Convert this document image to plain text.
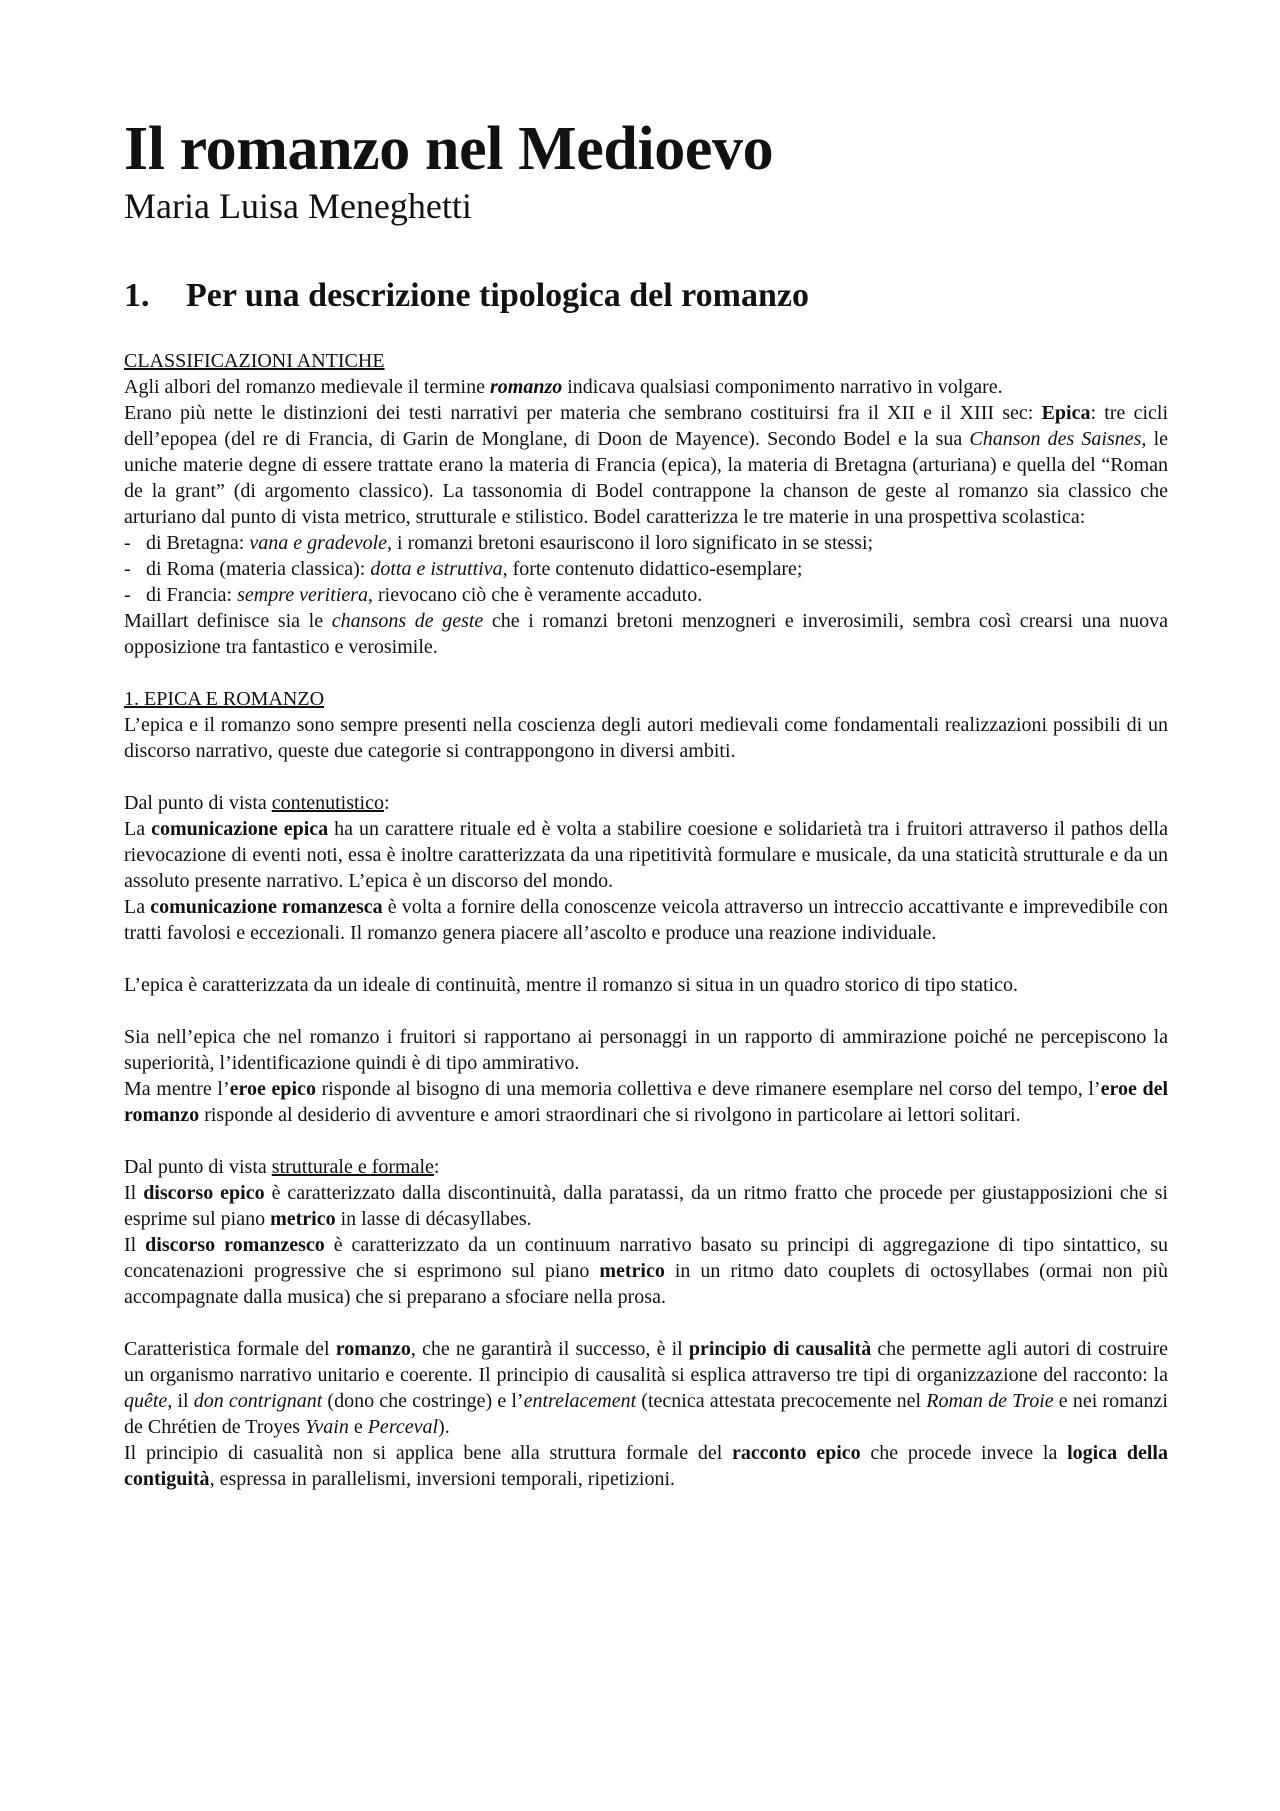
Il romanzo nel Medioevo
Maria Luisa Meneghetti
1.	Per una descrizione tipologica del romanzo

CLASSIFICAZIONI ANTICHE

Agli albori del romanzo medievale il termine romanzo indicava qualsiasi componimento narrativo in volgare.

Erano più nette le distinzioni dei testi narrativi per materia che sembrano costituirsi fra il XII e il XIII sec: Epica: tre cicli dell’epopea (del re di Francia, di Garin de Monglane, di Doon de Mayence). Secondo Bodel e la sua Chanson des Saisnes, le uniche materie degne di essere trattate erano la materia di Francia (epica), la materia di Bretagna (arturiana) e quella del “Roman de la grant” (di argomento classico). La tassonomia di Bodel contrappone la chanson de geste al romanzo sia classico che arturiano dal punto di vista metrico, strutturale e stilistico. Bodel caratterizza le tre materie in una prospettiva scolastica:

- di Bretagna: vana e gradevole, i romanzi bretoni esauriscono il loro significato in se stessi;
- di Roma (materia classica): dotta e istruttiva, forte contenuto didattico-esemplare;
- di Francia: sempre veritiera, rievocano ciò che è veramente accaduto.

Maillart definisce sia le chansons de geste che i romanzi bretoni menzogneri e inverosimili, sembra così crearsi una nuova opposizione tra fantastico e verosimile.

1. EPICA E ROMANZO

L’epica e il romanzo sono sempre presenti nella coscienza degli autori medievali come fondamentali realizzazioni possibili di un discorso narrativo, queste due categorie si contrappongono in diversi ambiti.

Dal punto di vista contenutistico:

La comunicazione epica ha un carattere rituale ed è volta a stabilire coesione e solidarietà tra i fruitori attraverso il pathos della rievocazione di eventi noti, essa è inoltre caratterizzata da una ripetitività formulare e musicale, da una staticità strutturale e da un assoluto presente narrativo. L’epica è un discorso del mondo.

La comunicazione romanzesca è volta a fornire della conoscenze veicola attraverso un intreccio accattivante e imprevedibile con tratti favolosi e eccezionali. Il romanzo genera piacere all’ascolto e produce una reazione individuale.

L’epica è caratterizzata da un ideale di continuità, mentre il romanzo si situa in un quadro storico di tipo statico.

Sia nell’epica che nel romanzo i fruitori si rapportano ai personaggi in un rapporto di ammirazione poiché ne percepiscono la superiorità, l’identificazione quindi è di tipo ammirativo.

Ma mentre l’eroe epico risponde al bisogno di una memoria collettiva e deve rimanere esemplare nel corso del tempo, l’eroe del romanzo risponde al desiderio di avventure e amori straordinari che si rivolgono in particolare ai lettori solitari.

Dal punto di vista strutturale e formale:

Il discorso epico è caratterizzato dalla discontinuità, dalla paratassi, da un ritmo fratto che procede per giustapposizioni che si esprime sul piano metrico in lasse di décasyllabes.

Il discorso romanzesco è caratterizzato da un continuum narrativo basato su principi di aggregazione di tipo sintattico, su concatenazioni progressive che si esprimono sul piano metrico in un ritmo dato couplets di octosyllabes (ormai non più accompagnate dalla musica) che si preparano a sfociare nella prosa.

Caratteristica formale del romanzo, che ne garantirà il successo, è il principio di causalità che permette agli autori di costruire un organismo narrativo unitario e coerente. Il principio di causalità si esplica attraverso tre tipi di organizzazione del racconto: la quête, il don contrignant (dono che costringe) e l’entrelacement (tecnica attestata precocemente nel Roman de Troie e nei romanzi de Chrétien de Troyes Yvain e Perceval).

Il principio di casualità non si applica bene alla struttura formale del racconto epico che procede invece la logica della contiguità, espressa in parallelismi, inversioni temporali, ripetizioni.
